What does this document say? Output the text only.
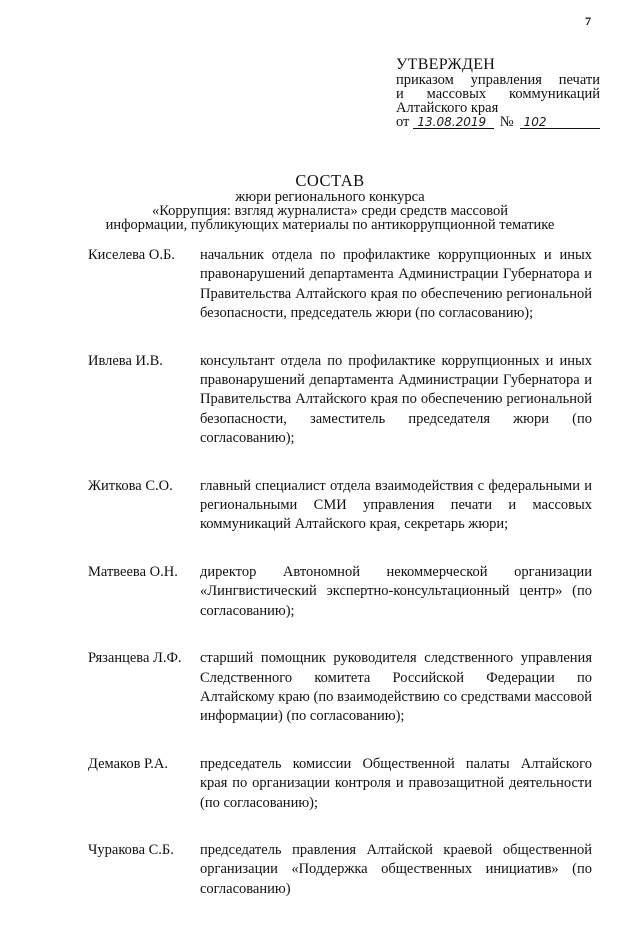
7
УТВЕРЖДЕН
приказом управления печати
и массовых коммуникаций
Алтайского края
от 13.08.2019 № 102
СОСТАВ
жюри регионального конкурса
«Коррупция: взгляд журналиста» среди средств массовой
информации, публикующих материалы по антикоррупционной тематике
Киселева О.Б.	начальник отдела по профилактике коррупционных и иных правонарушений департамента Администрации Губернатора и Правительства Алтайского края по обеспечению региональной безопасности, председатель жюри (по согласованию);
Ивлева И.В.	консультант отдела по профилактике коррупционных и иных правонарушений департамента Администрации Губернатора и Правительства Алтайского края по обеспечению региональной безопасности, заместитель председателя жюри (по согласованию);
Житкова С.О.	главный специалист отдела взаимодействия с федеральными и региональными СМИ управления печати и массовых коммуникаций Алтайского края, секретарь жюри;
Матвеева О.Н.	директор Автономной некоммерческой организации «Лингвистический экспертно-консультационный центр» (по согласованию);
Рязанцева Л.Ф.	старший помощник руководителя следственного управления Следственного комитета Российской Федерации по Алтайскому краю (по взаимодействию со средствами массовой информации) (по согласованию);
Демаков Р.А.	председатель комиссии Общественной палаты Алтайского края по организации контроля и правозащитной деятельности (по согласованию);
Чуракова С.Б.	председатель правления Алтайской краевой общественной организации «Поддержка общественных инициатив» (по согласованию)
